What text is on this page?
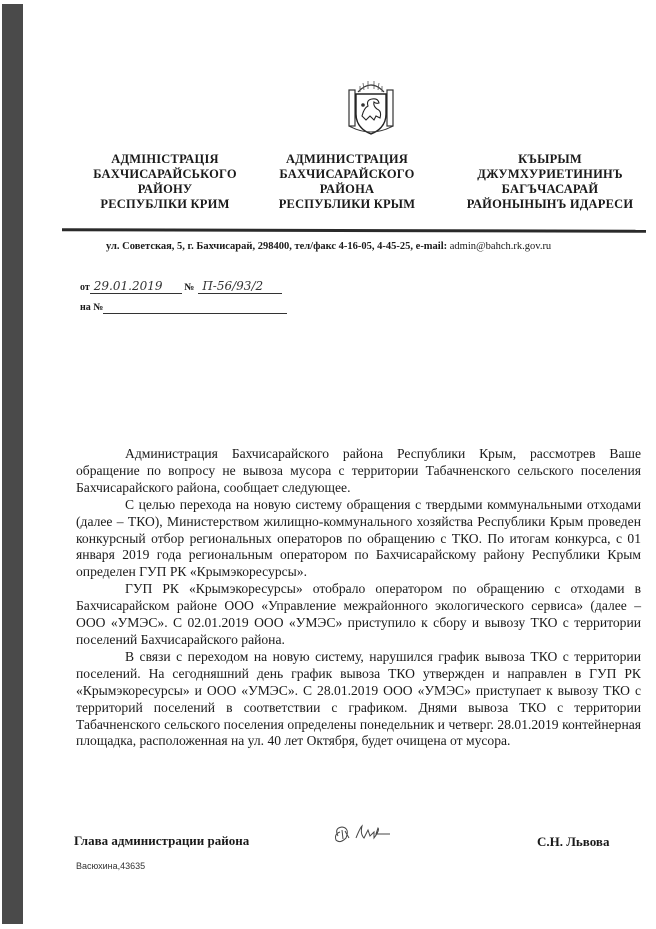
АДМІНІСТРАЦІЯ
БАХЧИСАРАЙСЬКОГО
РАЙОНУ
РЕСПУБЛІКИ КРИМ
АДМИНИСТРАЦИЯ
БАХЧИСАРАЙСКОГО
РАЙОНА
РЕСПУБЛИКИ КРЫМ
КЪЫРЫМ
ДЖУМХУРИЕТИНИНЪ
БАГЪЧАСАРАЙ
РАЙОНЫНЫНЪ ИДАРЕСИ
ул. Советская, 5, г. Бахчисарай, 298400, тел/факс 4-16-05, 4-45-25, e-mail: admin@bahch.rk.gov.ru
от 29.01.2019 № П-56/93/2
на №

Администрация Бахчисарайского района Республики Крым, рассмотрев Ваше обращение по вопросу не вывоза мусора с территории Табачненского сельского поселения Бахчисарайского района, сообщает следующее.

С целью перехода на новую систему обращения с твердыми коммунальными отходами (далее – ТКО), Министерством жилищно-коммунального хозяйства Республики Крым проведен конкурсный отбор региональных операторов по обращению с ТКО. По итогам конкурса, с 01 января 2019 года региональным оператором по Бахчисарайскому району Республики Крым определен ГУП РК «Крымэкоресурсы».

ГУП РК «Крымэкоресурсы» отобрало оператором по обращению с отходами в Бахчисарайском районе ООО «Управление межрайонного экологического сервиса» (далее – ООО «УМЭС». С 02.01.2019 ООО «УМЭС» приступило к сбору и вывозу ТКО с территории поселений Бахчисарайского района.

В связи с переходом на новую систему, нарушился график вывоза ТКО с территории поселений. На сегодняшний день график вывоза ТКО утвержден и направлен в ГУП РК «Крымэкоресурсы» и ООО «УМЭС». С 28.01.2019 ООО «УМЭС» приступает к вывозу ТКО с территорий поселений в соответствии с графиком. Днями вывоза ТКО с территории Табачненского сельского поселения определены понедельник и четверг. 28.01.2019 контейнерная площадка, расположенная на ул. 40 лет Октября, будет очищена от мусора.

Глава администрации района	С.Н. Львова
Васюхина,43635
